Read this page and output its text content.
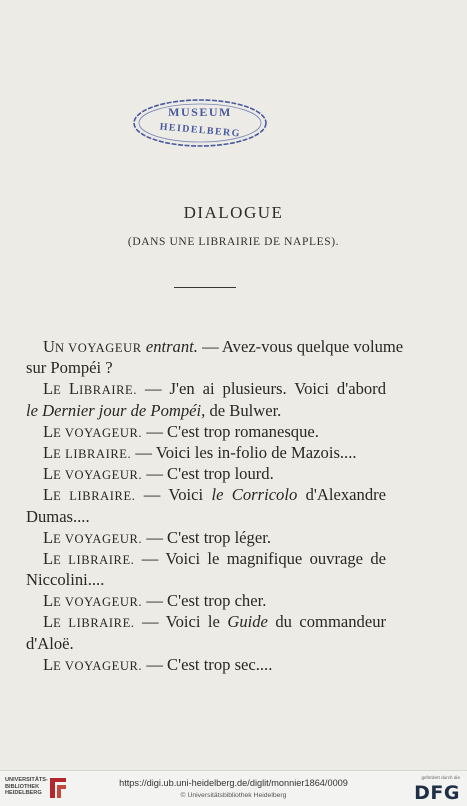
MUSEUM
HEIDELBERG
DIALOGUE
(DANS UNE LIBRAIRIE DE NAPLES).
UN VOYAGEUR entrant. — Avez-vous quelque volume
sur Pompéi ?
LE LIBRAIRE. — J'en ai plusieurs. Voici d'abord
le Dernier jour de Pompéi, de Bulwer.
LE VOYAGEUR. — C'est trop romanesque.
LE LIBRAIRE. — Voici les in-folio de Mazois....
LE VOYAGEUR. — C'est trop lourd.
LE LIBRAIRE. — Voici le Corricolo d'Alexandre
Dumas....
LE VOYAGEUR. — C'est trop léger.
LE LIBRAIRE. — Voici le magnifique ouvrage de
Niccolini....
LE VOYAGEUR. — C'est trop cher.
LE LIBRAIRE. — Voici le Guide du commandeur
d'Aloë.
LE VOYAGEUR. — C'est trop sec....
UNIVERSITÄTS-BIBLIOTHEK HEIDELBERG
https://digi.ub.uni-heidelberg.de/diglit/monnier1864/0009
© Universitätsbibliothek Heidelberg
gefördert durch die
DFG
